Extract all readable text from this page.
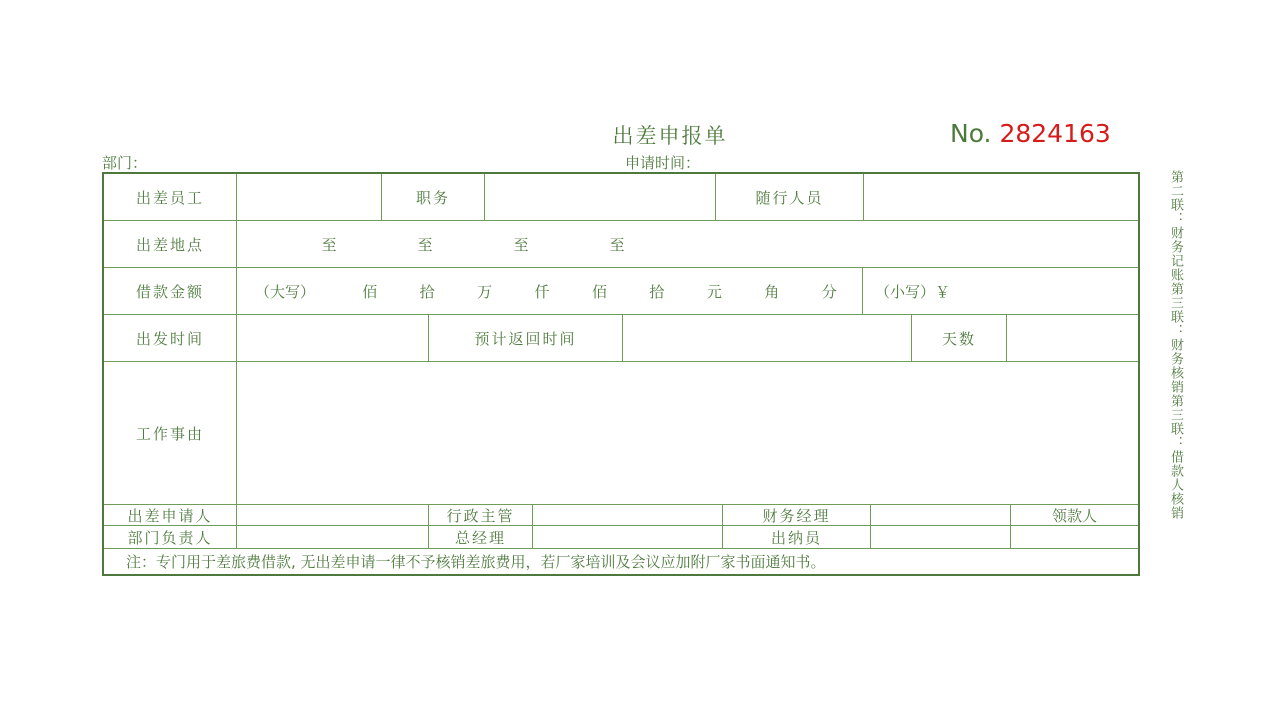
出差申报单	No. 2824163
部门：	申请时间：
出差员工	职务	随行人员
出差地点	至	至	至	至
借款金额	（大写）	佰	拾	万	仟	佰	拾	元	角	分	（小写）￥
出发时间	预计返回时间	天数
工作事由
出差申请人	行政主管	财务经理	领款人
部门负责人	总经理	出纳员
注：专门用于差旅费借款, 无出差申请一律不予核销差旅费用，若厂家培训及会议应加附厂家书面通知书。
第二联：财务记账第三联：财务核销第三联：借款人核销
